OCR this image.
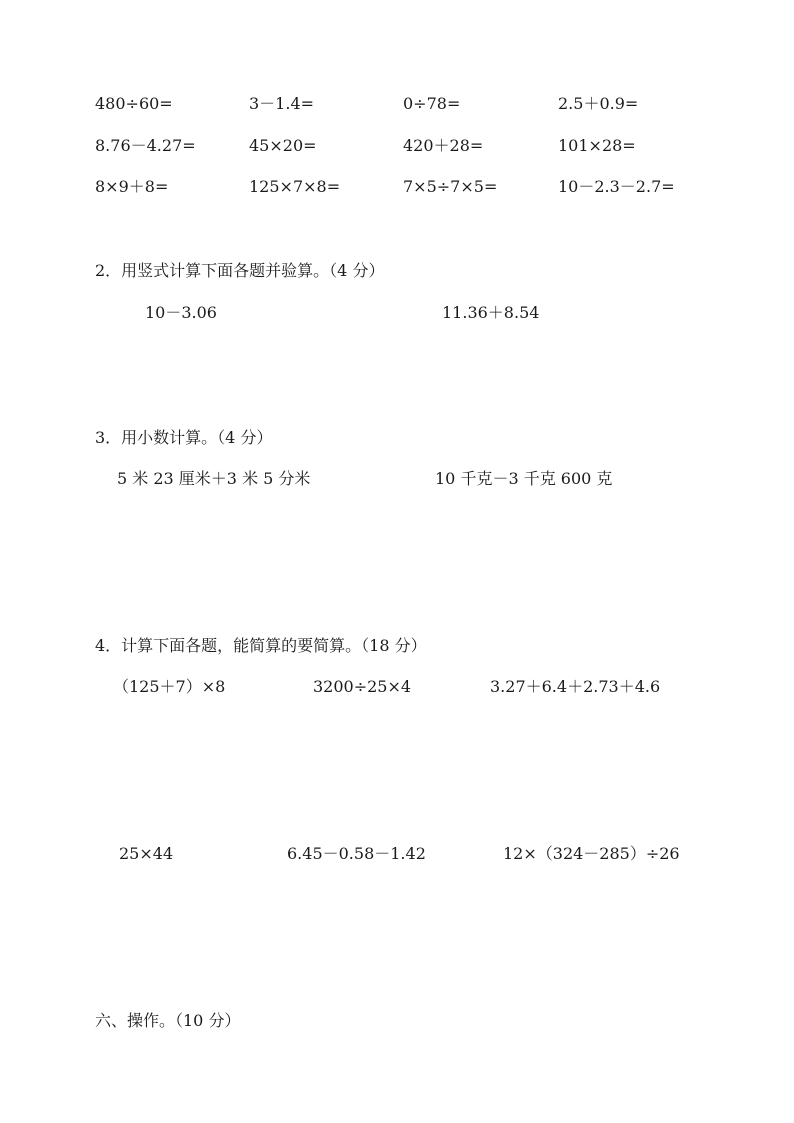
480÷60=	3－1.4=	0÷78=	2.5＋0.9=
8.76－4.27=	45×20=	420＋28=	101×28=
8×9＋8=	125×7×8=	7×5÷7×5=	10－2.3－2.7=
2．用竖式计算下面各题并验算。（4 分）
10－3.06	11.36＋8.54
3．用小数计算。（4 分）
5 米 23 厘米＋3 米 5 分米	10 千克－3 千克 600 克
4．计算下面各题，能简算的要简算。（18 分）
（125＋7）×8	3200÷25×4	3.27＋6.4＋2.73＋4.6
25×44	6.45－0.58－1.42	12×（324－285）÷26
六、操作。（10 分）
